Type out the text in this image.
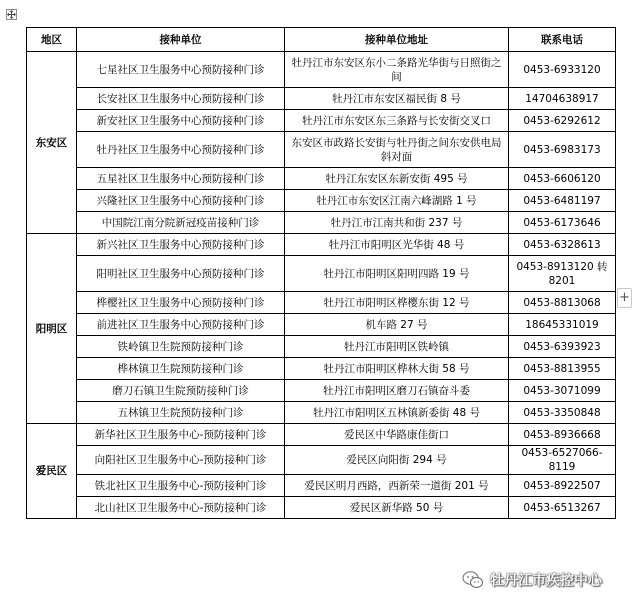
+
地区	接种单位	接种单位地址	联系电话
东安区	七星社区卫生服务中心预防接种门诊	牡丹江市东安区东小二条路光华街与日照街之间	0453-6933120
	长安社区卫生服务中心预防接种门诊	牡丹江市东安区福民街 8 号	14704638917
	新安社区卫生服务中心预防接种门诊	牡丹江市东安区东三条路与长安街交叉口	0453-6292612
	牡丹社区卫生服务中心预防接种门诊	东安区市政路长安街与牡丹街之间东安供电局斜对面	0453-6983173
	五星社区卫生服务中心预防接种门诊	牡丹江东安区东新安街 495 号	0453-6606120
	兴隆社区卫生服务中心预防接种门诊	牡丹江市东安区江南六峰湖路 1 号	0453-6481197
	中国院江南分院新冠疫苗接种门诊	牡丹江市江南共和街 237 号	0453-6173646
阳明区	新兴社区卫生服务中心预防接种门诊	牡丹江市阳明区光华街 48 号	0453-6328613
	阳明社区卫生服务中心预防接种门诊	牡丹江市阳明区阳明四路 19 号	0453-8913120 转 8201
	桦樱社区卫生服务中心预防接种门诊	牡丹江市阳明区桦樱东街 12 号	0453-8813068
	前进社区卫生服务中心预防接种门诊	机车路 27 号	18645331019
	铁岭镇卫生院预防接种门诊	牡丹江市阳明区铁岭镇	0453-6393923
	桦林镇卫生院预防接种门诊	牡丹江市阳明区桦林大街 58 号	0453-8813955
	磨刀石镇卫生院预防接种门诊	牡丹江市阳明区磨刀石镇奋斗委	0453-3071099
	五林镇卫生院预防接种门诊	牡丹江市阳明区五林镇新委街 48 号	0453-3350848
爱民区	新华社区卫生服务中心-预防接种门诊	爱民区中华路康佳街口	0453-8936668
	向阳社区卫生服务中心-预防接种门诊	爱民区向阳街 294 号	0453-6527066-8119
	铁北社区卫生服务中心-预防接种门诊	爱民区明月西路，西新荣一道街 201 号	0453-8922507
	北山社区卫生服务中心-预防接种门诊	爱民区新华路 50 号	0453-6513267
牡丹江市疾控中心
